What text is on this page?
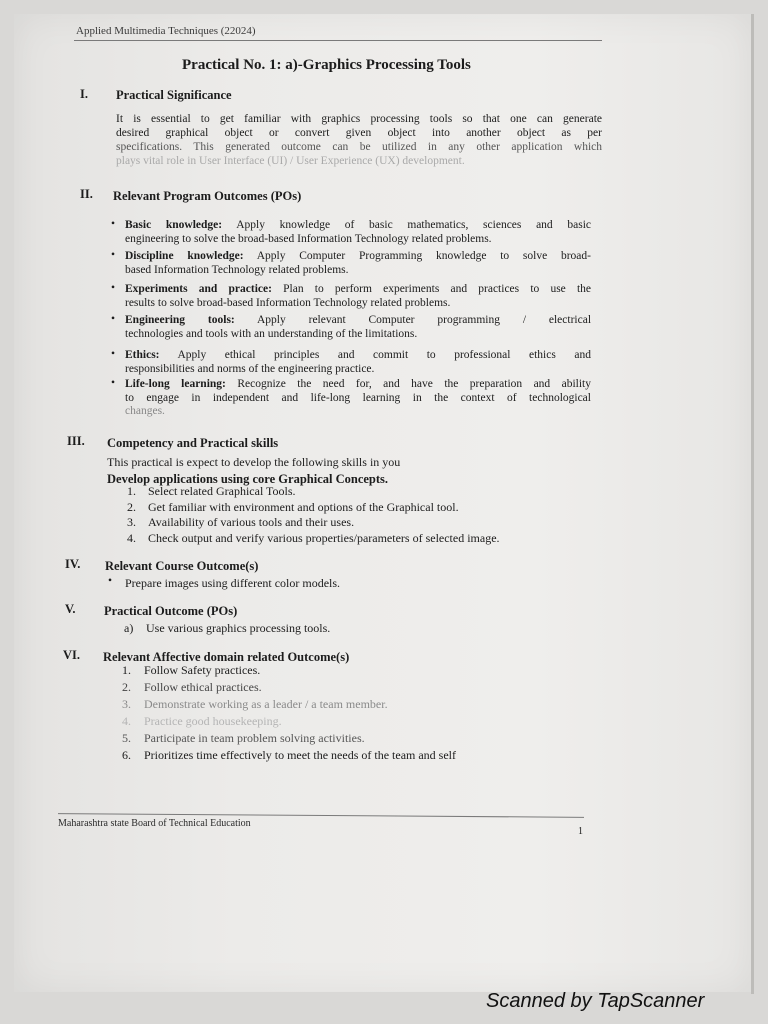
Applied Multimedia Techniques (22024)
Practical No. 1: a)-Graphics Processing Tools
I. Practical Significance
It is essential to get familiar with graphics processing tools so that one can generate
desired graphical object or convert given object into another object as per
specifications. This generated outcome can be utilized in any other application which
plays vital role in User Interface (UI) / User Experience (UX) development.
II. Relevant Program Outcomes (POs)
• Basic knowledge: Apply knowledge of basic mathematics, sciences and basic
engineering to solve the broad-based Information Technology related problems.
• Discipline knowledge: Apply Computer Programming knowledge to solve broad-
based Information Technology related problems.
• Experiments and practice: Plan to perform experiments and practices to use the
results to solve broad-based Information Technology related problems.
• Engineering tools: Apply relevant Computer programming / electrical
technologies and tools with an understanding of the limitations.
• Ethics: Apply ethical principles and commit to professional ethics and
responsibilities and norms of the engineering practice.
• Life-long learning: Recognize the need for, and have the preparation and ability
to engage in independent and life-long learning in the context of technological
changes.
III. Competency and Practical skills
This practical is expect to develop the following skills in you
Develop applications using core Graphical Concepts.
1. Select related Graphical Tools.
2. Get familiar with environment and options of the Graphical tool.
3. Availability of various tools and their uses.
4. Check output and verify various properties/parameters of selected image.
IV. Relevant Course Outcome(s)
• Prepare images using different color models.
V. Practical Outcome (POs)
a) Use various graphics processing tools.
VI. Relevant Affective domain related Outcome(s)
1. Follow Safety practices.
2. Follow ethical practices.
3. Demonstrate working as a leader / a team member.
4. Practice good housekeeping.
5. Participate in team problem solving activities.
6. Prioritizes time effectively to meet the needs of the team and self
Maharashtra state Board of Technical Education
1
Scanned by TapScanner
